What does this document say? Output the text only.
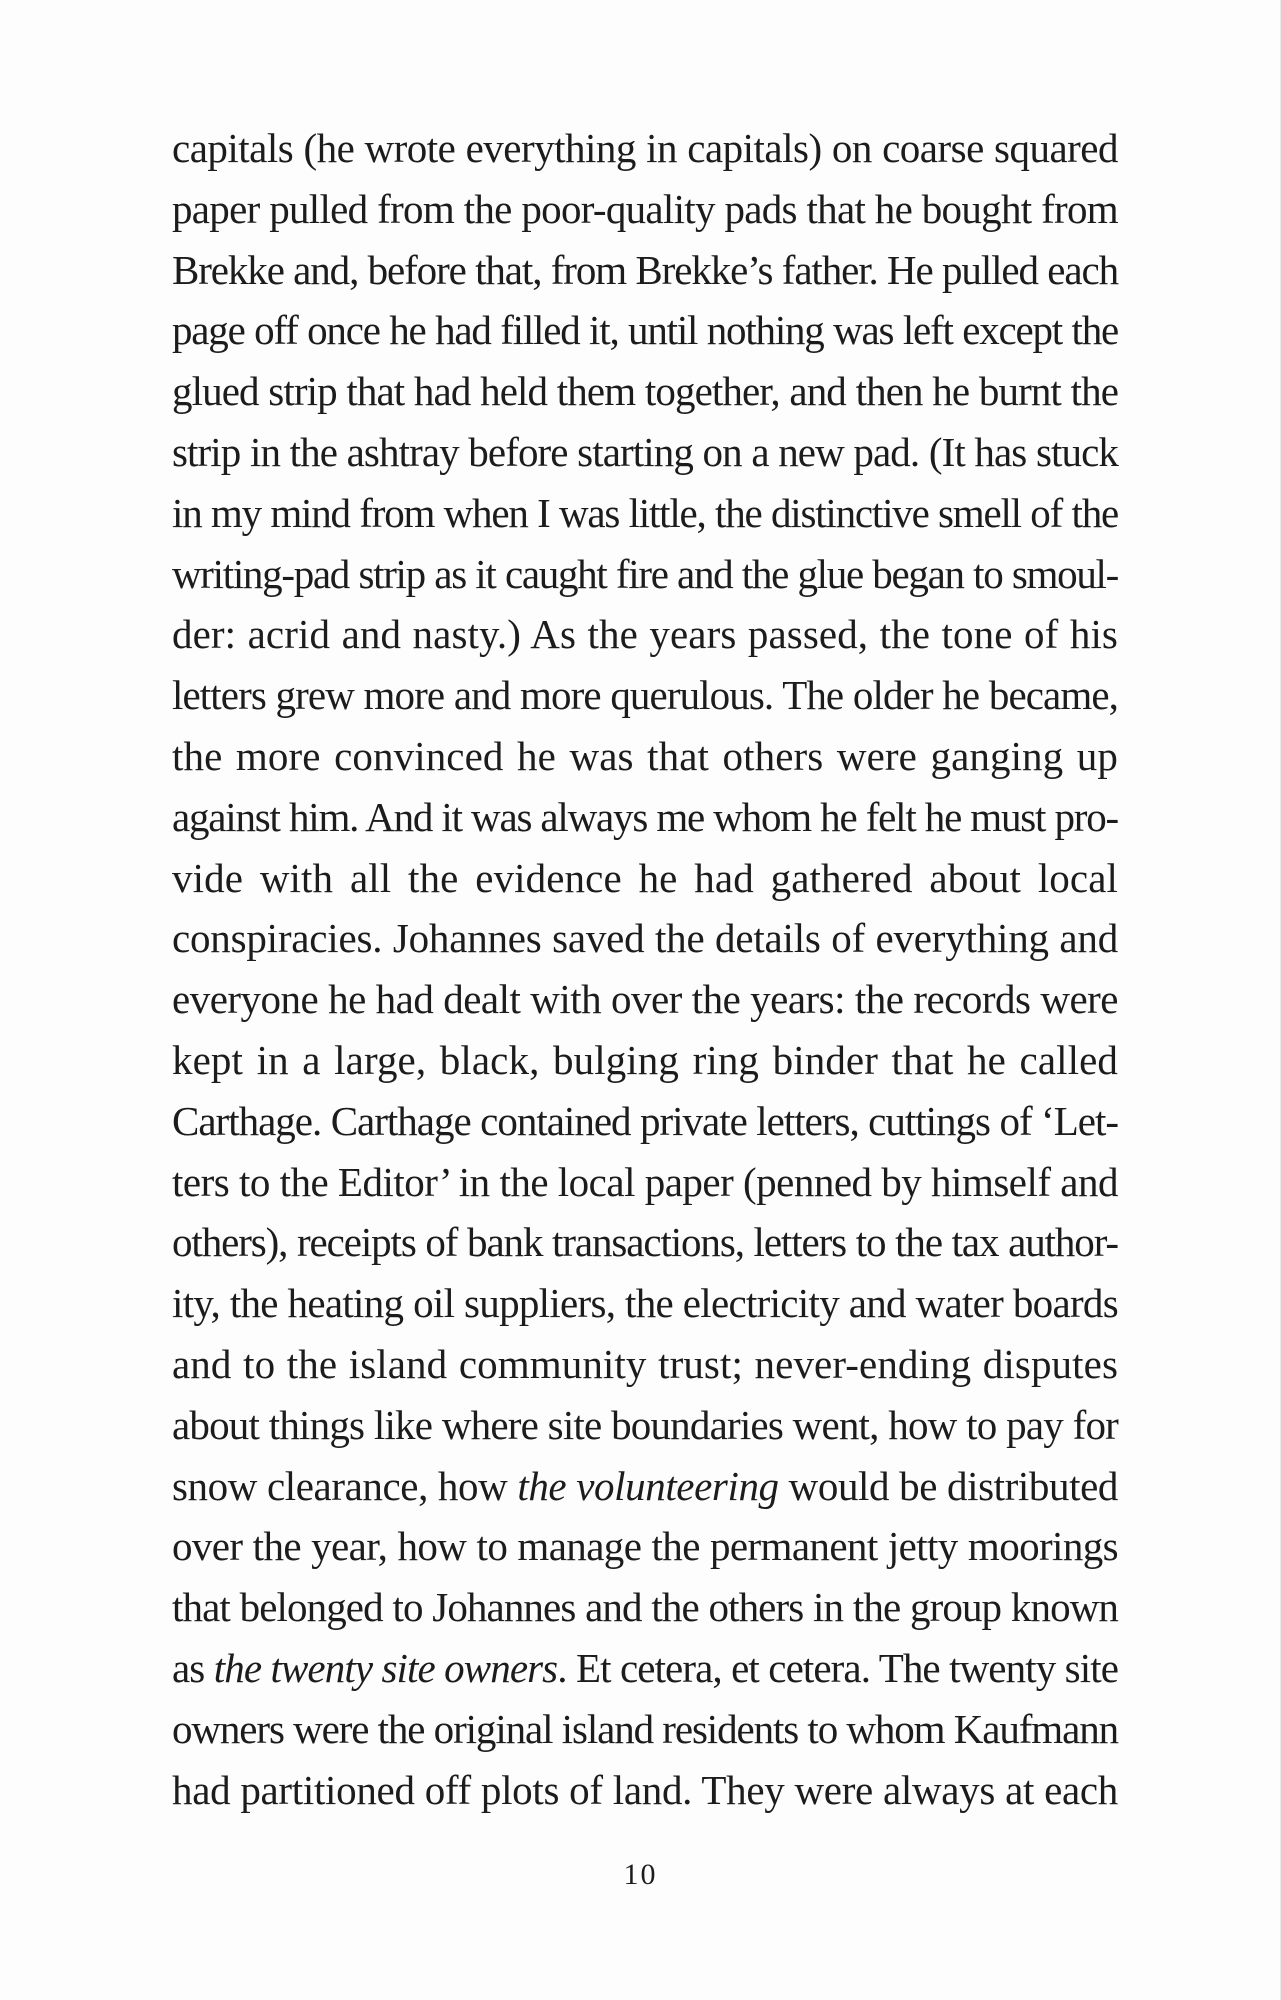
capitals (he wrote everything in capitals) on coarse squared
paper pulled from the poor-quality pads that he bought from
Brekke and, before that, from Brekke’s father. He pulled each
page off once he had filled it, until nothing was left except the
glued strip that had held them together, and then he burnt the
strip in the ashtray before starting on a new pad. (It has stuck
in my mind from when I was little, the distinctive smell of the
writing-pad strip as it caught fire and the glue began to smoul-
der: acrid and nasty.) As the years passed, the tone of his
letters grew more and more querulous. The older he became,
the more convinced he was that others were ganging up
against him. And it was always me whom he felt he must pro-
vide with all the evidence he had gathered about local
conspiracies. Johannes saved the details of everything and
everyone he had dealt with over the years: the records were
kept in a large, black, bulging ring binder that he called
Carthage. Carthage contained private letters, cuttings of ‘Let-
ters to the Editor’ in the local paper (penned by himself and
others), receipts of bank transactions, letters to the tax author-
ity, the heating oil suppliers, the electricity and water boards
and to the island community trust; never-ending disputes
about things like where site boundaries went, how to pay for
snow clearance, how the volunteering would be distributed
over the year, how to manage the permanent jetty moorings
that belonged to Johannes and the others in the group known
as the twenty site owners. Et cetera, et cetera. The twenty site
owners were the original island residents to whom Kaufmann
had partitioned off plots of land. They were always at each
10
